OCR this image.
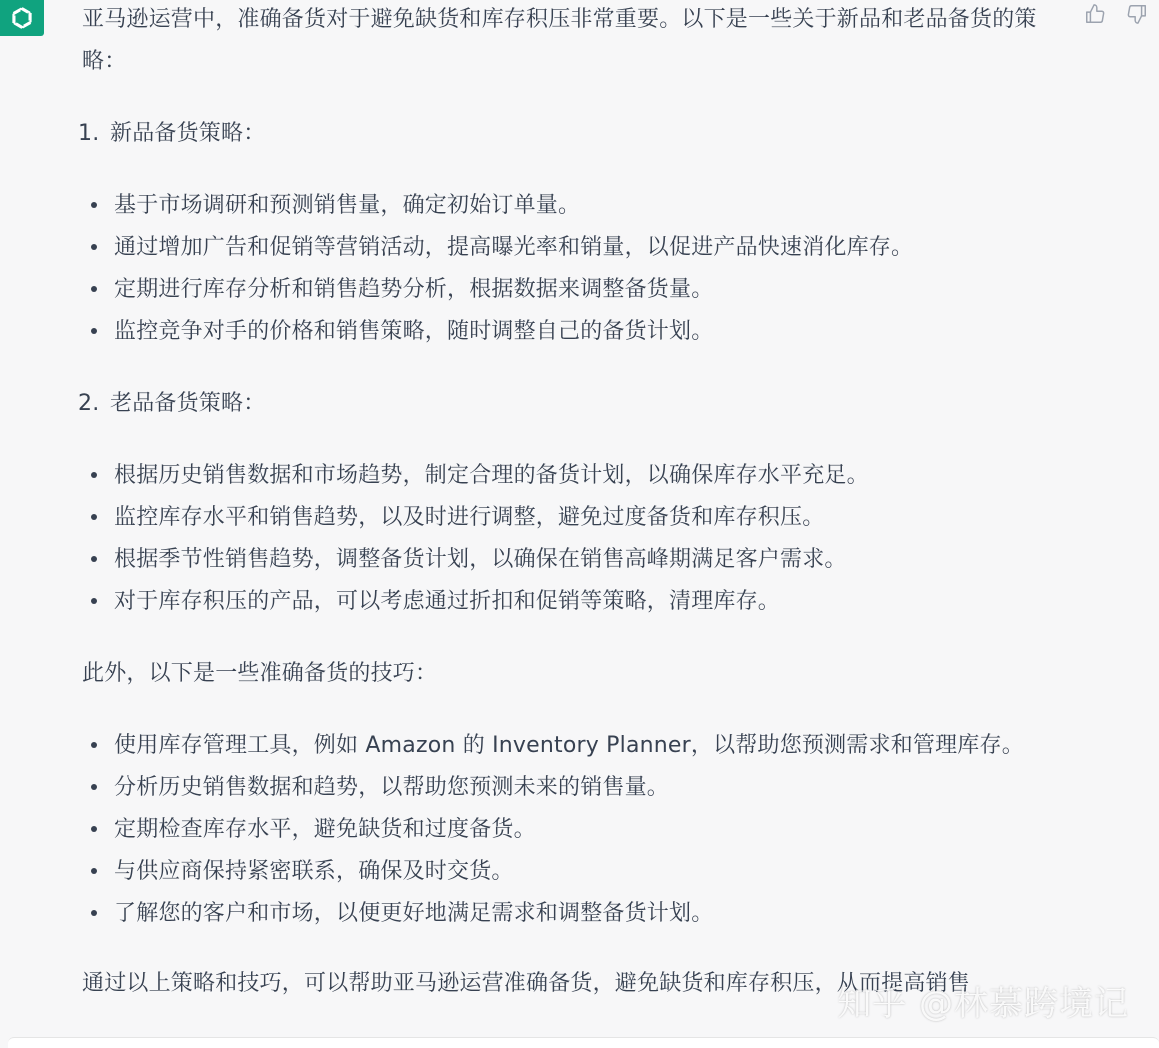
亚马逊运营中，准确备货对于避免缺货和库存积压非常重要。以下是一些关于新品和老品备货的策略：

1. 新品备货策略：
基于市场调研和预测销售量，确定初始订单量。
通过增加广告和促销等营销活动，提高曝光率和销量，以促进产品快速消化库存。
定期进行库存分析和销售趋势分析，根据数据来调整备货量。
监控竞争对手的价格和销售策略，随时调整自己的备货计划。
2. 老品备货策略：
根据历史销售数据和市场趋势，制定合理的备货计划，以确保库存水平充足。
监控库存水平和销售趋势，以及时进行调整，避免过度备货和库存积压。
根据季节性销售趋势，调整备货计划，以确保在销售高峰期满足客户需求。
对于库存积压的产品，可以考虑通过折扣和促销等策略，清理库存。

此外，以下是一些准确备货的技巧：

使用库存管理工具，例如 Amazon 的 Inventory Planner，以帮助您预测需求和管理库存。
分析历史销售数据和趋势，以帮助您预测未来的销售量。
定期检查库存水平，避免缺货和过度备货。
与供应商保持紧密联系，确保及时交货。
了解您的客户和市场，以便更好地满足需求和调整备货计划。

通过以上策略和技巧，可以帮助亚马逊运营准确备货，避免缺货和库存积压，从而提高销售

知乎 @林慕跨境记
